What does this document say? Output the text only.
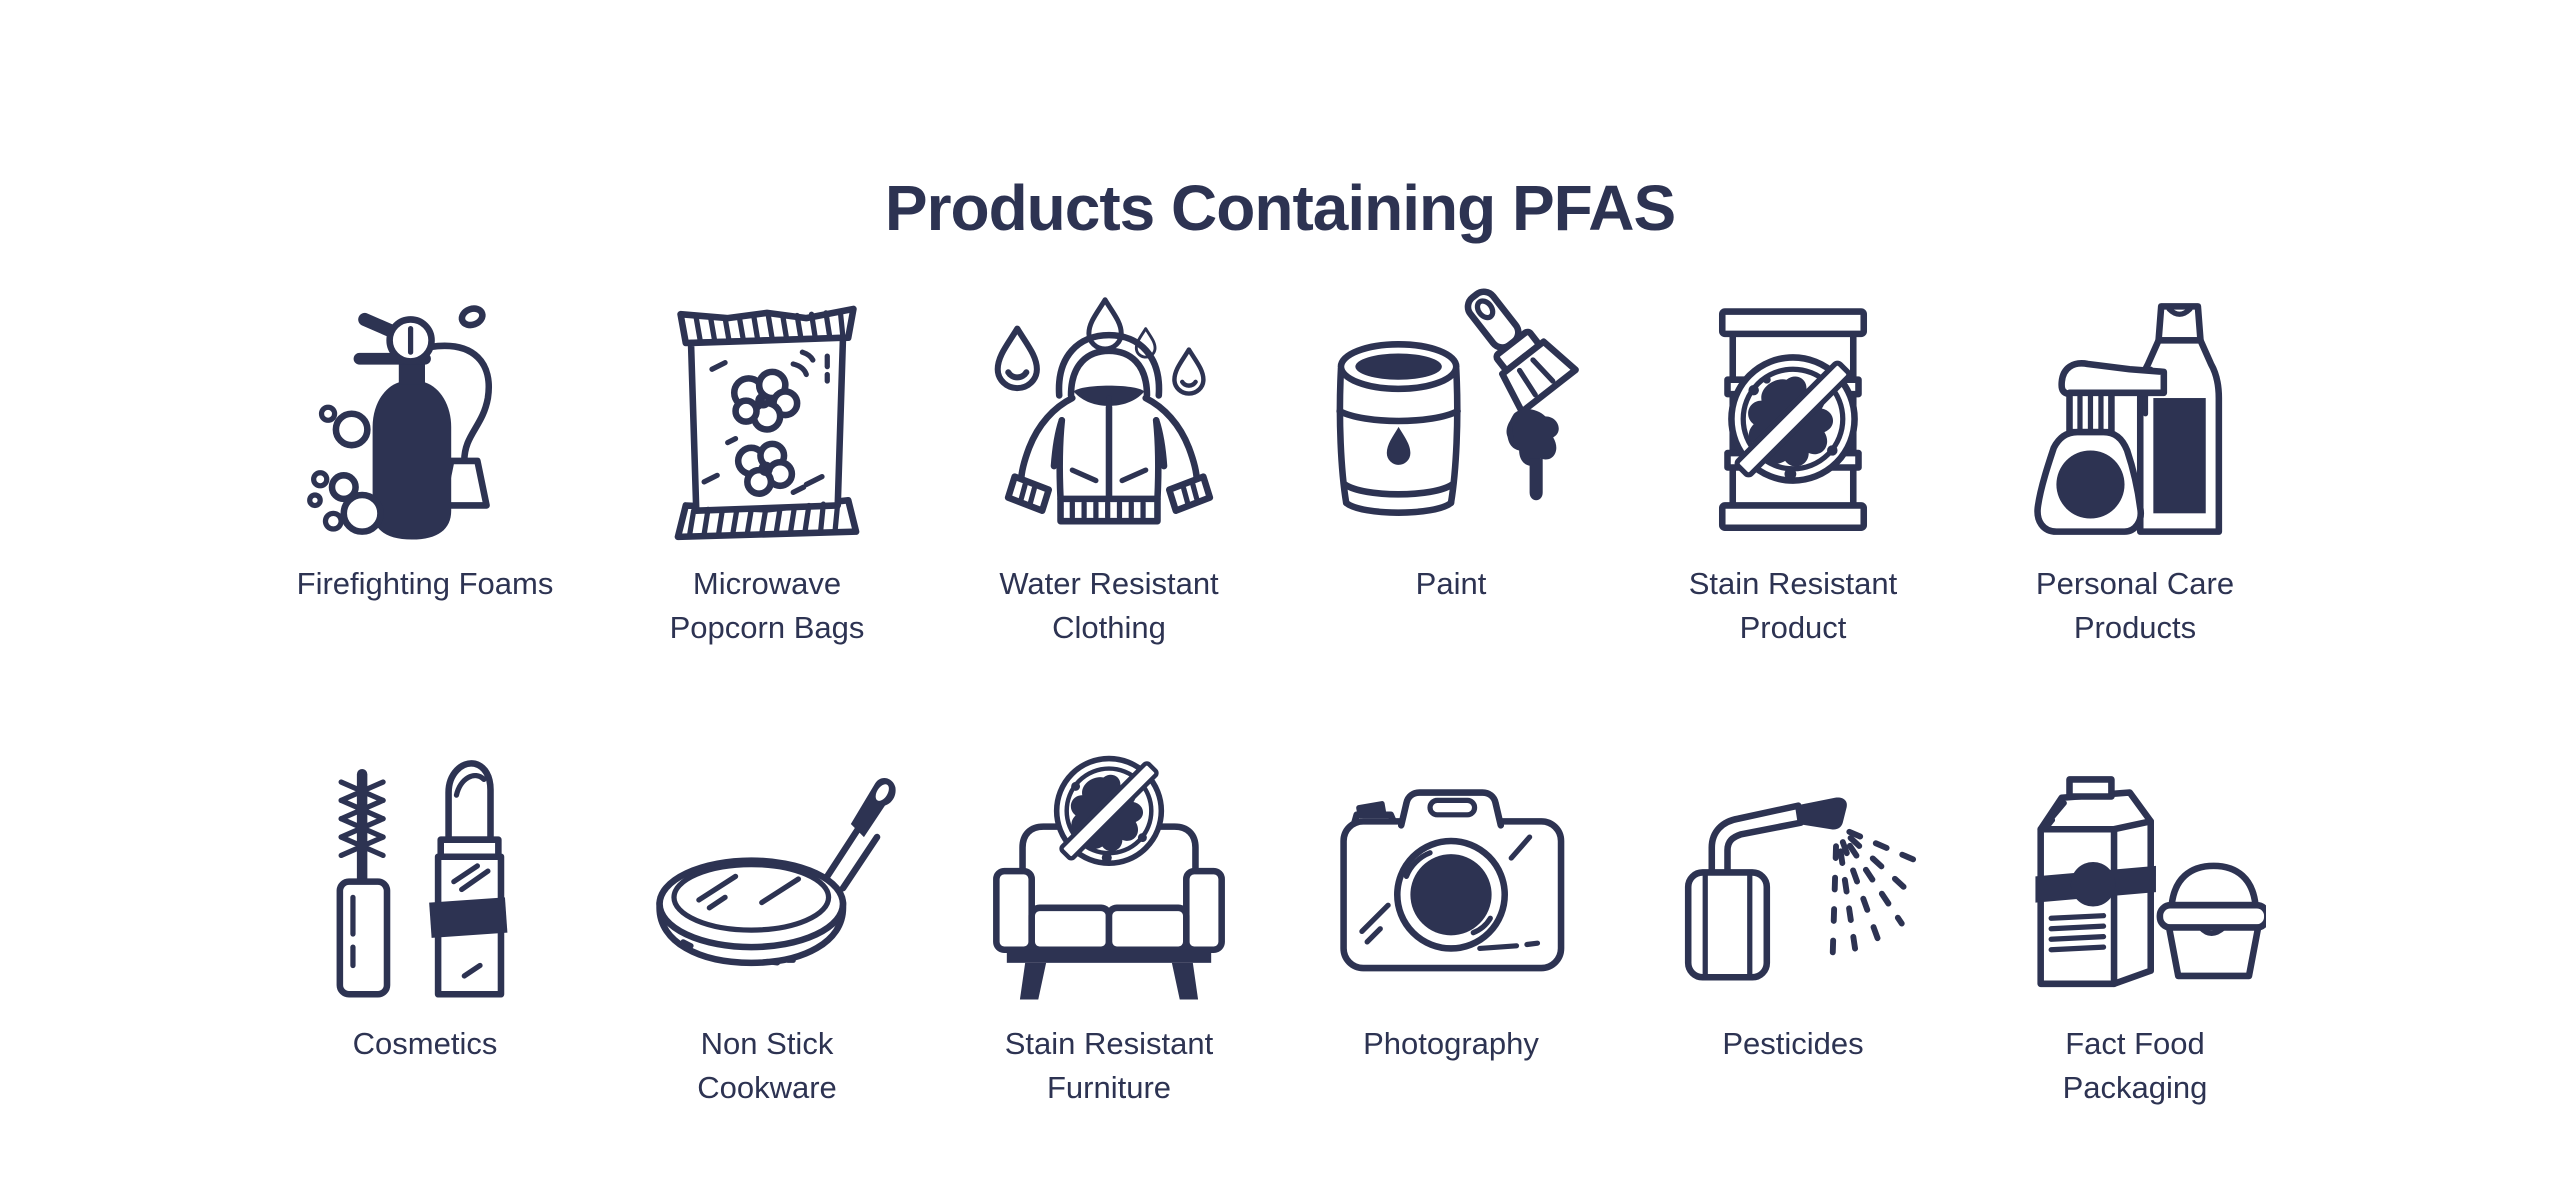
Products Containing PFAS
Firefighting Foams	Microwave Popcorn Bags
Water Resistant Clothing
Paint	Stain Resistant Product
Personal Care Products
Cosmetics	Non Stick Cookware
Stain Resistant Furniture
Photography	Pesticides	Fact Food Packaging
